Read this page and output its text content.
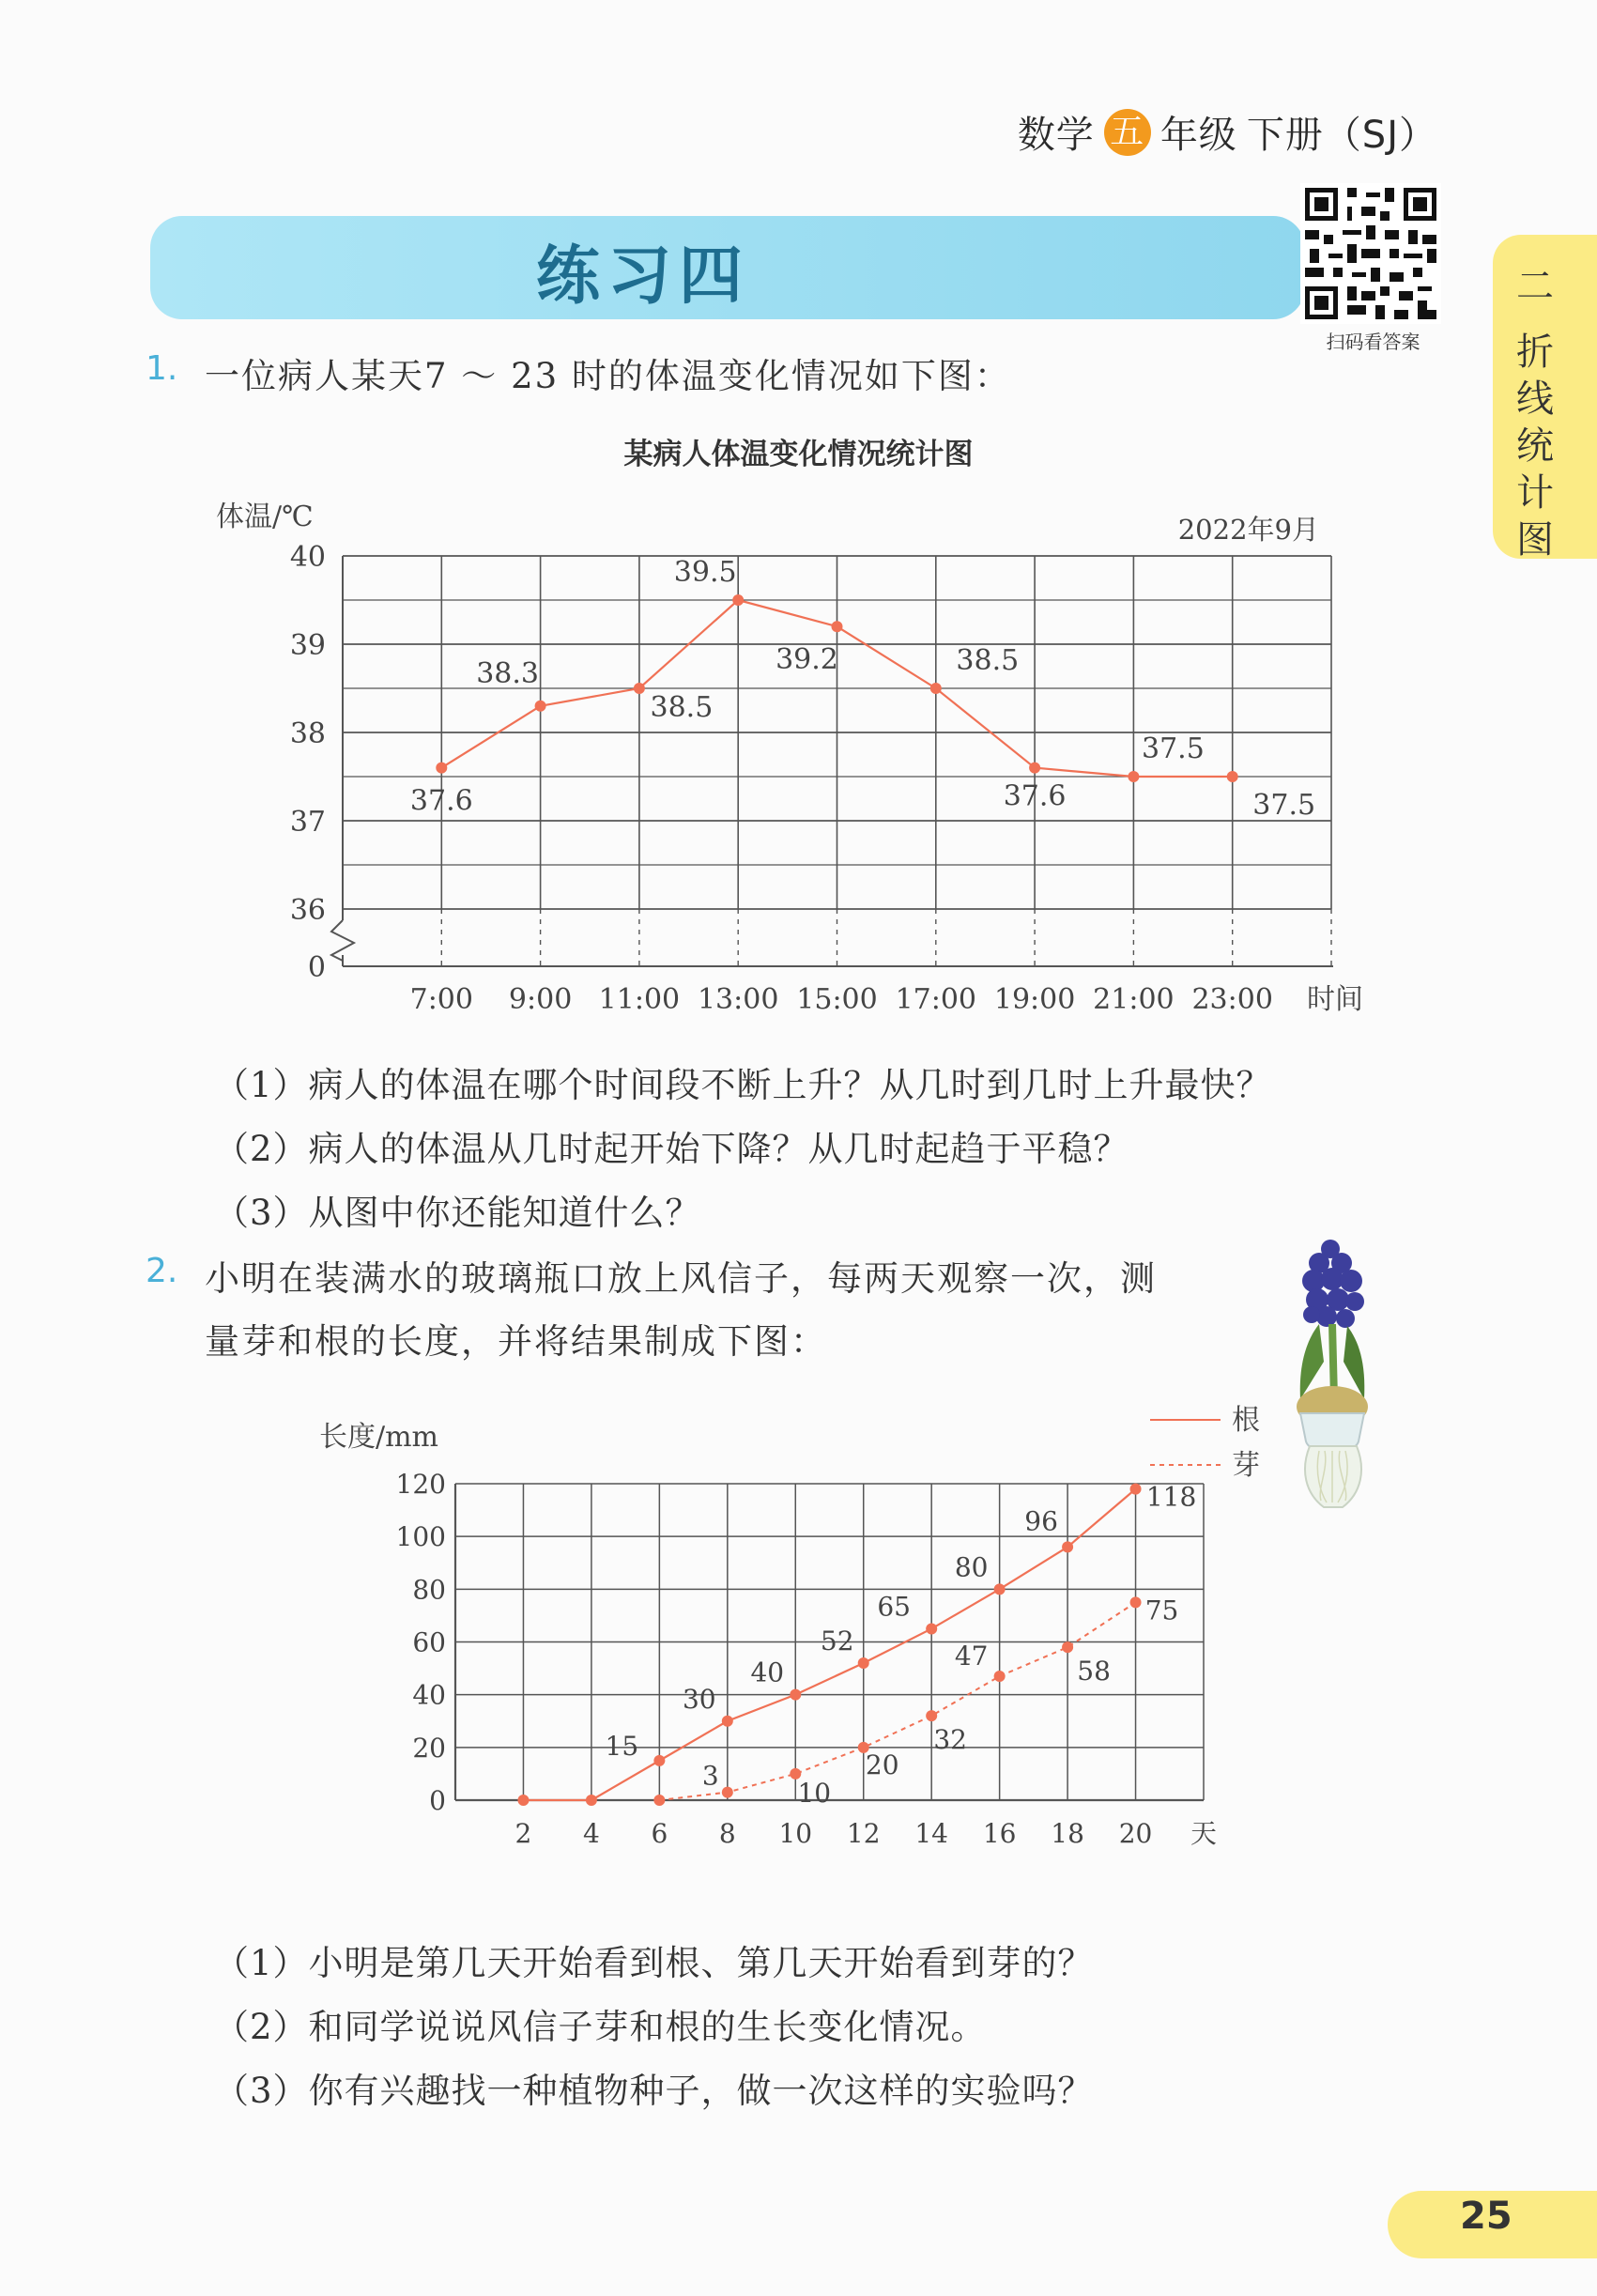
数学 五 年级 下册（SJ）
练习四
扫码看答案
二
折线统计图
1. 一位病人某天7 ～ 23 时的体温变化情况如下图：
某病人体温变化情况统计图
0
36
37
38
39
40
7:00 9:00 11:00 13:00 15:00 17:00 19:00 21:00 23:00 时间
体温/℃	2022年9月
37.6
38.3
38.5
39.5
39.2	38.5
37.6
37.5
37.5
（1）病人的体温在哪个时间段不断上升？从几时到几时上升最快？
（2）病人的体温从几时起开始下降？从几时起趋于平稳？
（3）从图中你还能知道什么？
2. 小明在装满水的玻璃瓶口放上风信子，每两天观察一次，测
量芽和根的长度，并将结果制成下图：
0
20
40
60
80
100
120
2 4 6 8 10 12 14 16 18 20 天
长度/mm
根
芽
15
30
40
52
65
80
96
118
3
10
20
32
47	58
75
（1）小明是第几天开始看到根、第几天开始看到芽的？
（2）和同学说说风信子芽和根的生长变化情况。
（3）你有兴趣找一种植物种子，做一次这样的实验吗？
25
